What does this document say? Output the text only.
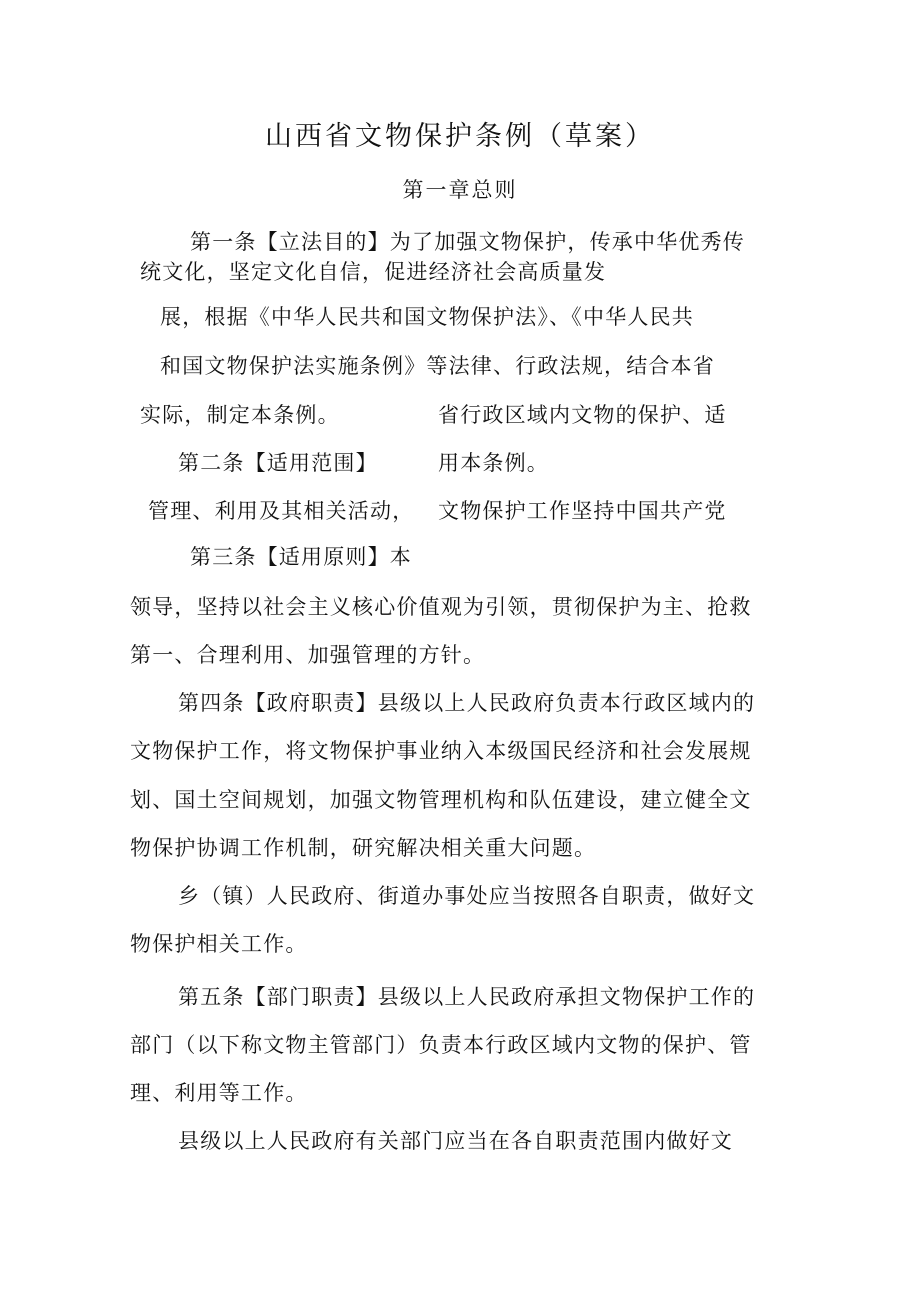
山西省文物保护条例（草案）
第一章总则
第一条【立法目的】为了加强文物保护，传承中华优秀传
统文化，坚定文化自信，促进经济社会高质量发
展，根据《中华人民共和国文物保护法》、《中华人民共
和国文物保护法实施条例》等法律、行政法规，结合本省
实际，制定本条例。	省行政区域内文物的保护、适
第二条【适用范围】	用本条例。
管理、利用及其相关活动， 文物保护工作坚持中国共产党
第三条【适用原则】本
领导，坚持以社会主义核心价值观为引领，贯彻保护为主、抢救
第一、合理利用、加强管理的方针。
第四条【政府职责】县级以上人民政府负责本行政区域内的
文物保护工作，将文物保护事业纳入本级国民经济和社会发展规
划、国土空间规划，加强文物管理机构和队伍建设，建立健全文
物保护协调工作机制，研究解决相关重大问题。
乡（镇）人民政府、街道办事处应当按照各自职责，做好文
物保护相关工作。
第五条【部门职责】县级以上人民政府承担文物保护工作的
部门（以下称文物主管部门）负责本行政区域内文物的保护、管
理、利用等工作。
县级以上人民政府有关部门应当在各自职责范围内做好文
